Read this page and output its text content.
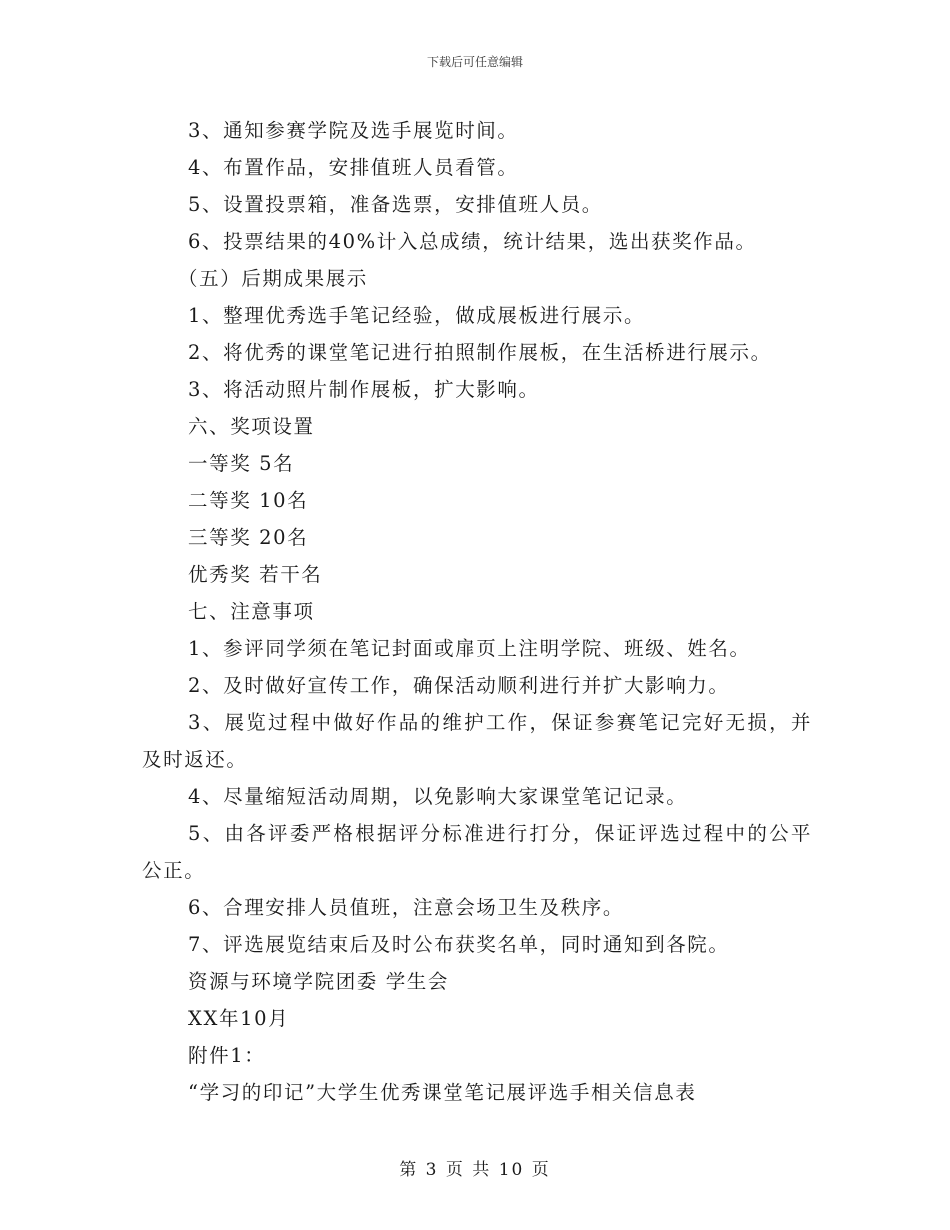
下载后可任意编辑
3、通知参赛学院及选手展览时间。
4、布置作品，安排值班人员看管。
5、设置投票箱，准备选票，安排值班人员。
6、投票结果的40%计入总成绩，统计结果，选出获奖作品。
（五）后期成果展示
1、整理优秀选手笔记经验，做成展板进行展示。
2、将优秀的课堂笔记进行拍照制作展板，在生活桥进行展示。
3、将活动照片制作展板，扩大影响。
六、奖项设置
一等奖 5名
二等奖 10名
三等奖 20名
优秀奖 若干名
七、注意事项
1、参评同学须在笔记封面或扉页上注明学院、班级、姓名。
2、及时做好宣传工作，确保活动顺利进行并扩大影响力。
3、展览过程中做好作品的维护工作，保证参赛笔记完好无损，并及时返还。
4、尽量缩短活动周期，以免影响大家课堂笔记记录。
5、由各评委严格根据评分标准进行打分，保证评选过程中的公平公正。
6、合理安排人员值班，注意会场卫生及秩序。
7、评选展览结束后及时公布获奖名单，同时通知到各院。
资源与环境学院团委 学生会
XX年10月
附件1：
“学习的印记”大学生优秀课堂笔记展评选手相关信息表
第 3 页 共 10 页
